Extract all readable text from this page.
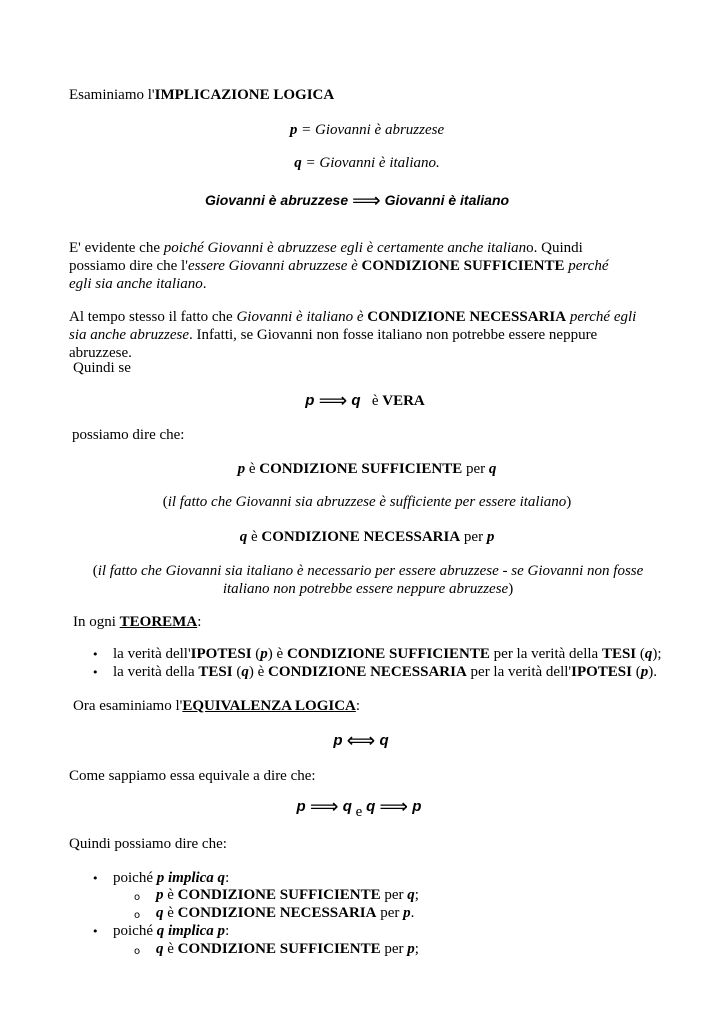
Esaminiamo l'IMPLICAZIONE LOGICA
p = Giovanni è abruzzese
q = Giovanni è italiano.
Giovanni è abruzzese ⟹ Giovanni è italiano
E' evidente che poiché Giovanni è abruzzese egli è certamente anche italiano. Quindi possiamo dire che l'essere Giovanni abruzzese è CONDIZIONE SUFFICIENTE perché egli sia anche italiano.
Al tempo stesso il fatto che Giovanni è italiano è CONDIZIONE NECESSARIA perché egli sia anche abruzzese. Infatti, se Giovanni non fosse italiano non potrebbe essere neppure abruzzese.
Quindi se
p ⟹ q è VERA
possiamo dire che:
p è CONDIZIONE SUFFICIENTE per q
(il fatto che Giovanni sia abruzzese è sufficiente per essere italiano)
q è CONDIZIONE NECESSARIA per p
(il fatto che Giovanni sia italiano è necessario per essere abruzzese - se Giovanni non fosse italiano non potrebbe essere neppure abruzzese)
In ogni TEOREMA:
• la verità dell'IPOTESI (p) è CONDIZIONE SUFFICIENTE per la verità della TESI (q);
• la verità della TESI (q) è CONDIZIONE NECESSARIA per la verità dell'IPOTESI (p).
Ora esaminiamo l'EQUIVALENZA LOGICA:
p ⟺ q
Come sappiamo essa equivale a dire che:
p ⟹ q e q ⟹ p
Quindi possiamo dire che:
• poiché p implica q:
o p è CONDIZIONE SUFFICIENTE per q;
o q è CONDIZIONE NECESSARIA per p.
• poiché q implica p:
o q è CONDIZIONE SUFFICIENTE per p;
